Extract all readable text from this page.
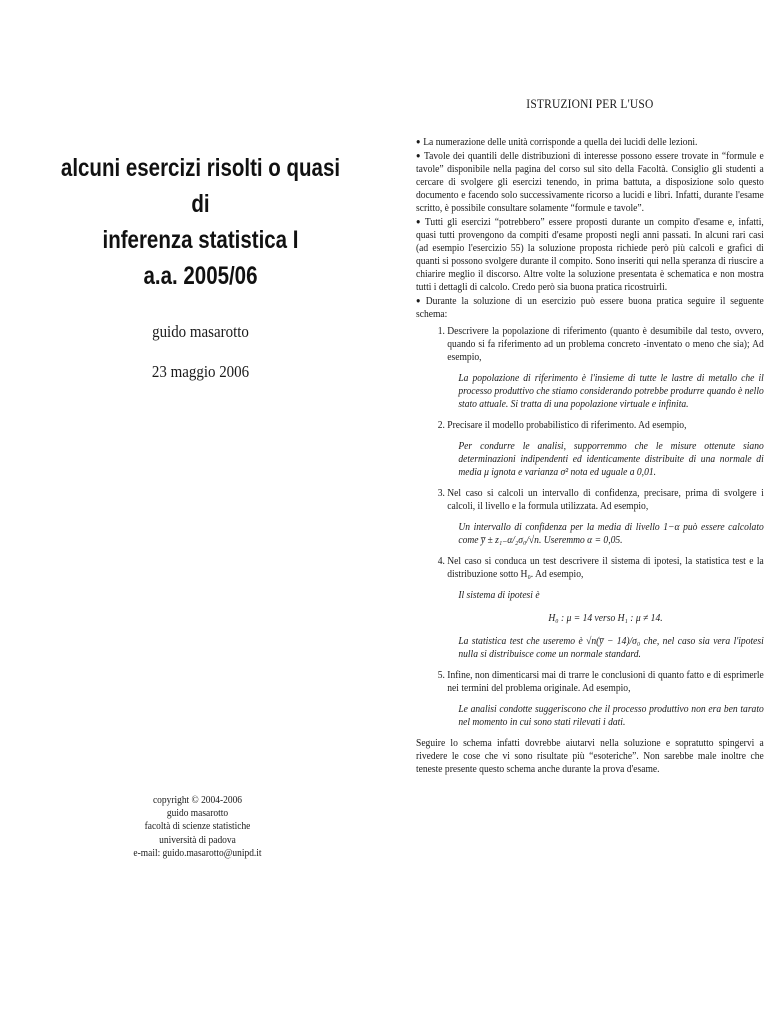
alcuni esercizi risolti o quasi di
inferenza statistica I
a.a. 2005/06
guido masarotto
23 maggio 2006
copyright © 2004-2006
guido masarotto
facoltà di scienze statistiche
università di padova
e-mail: guido.masarotto@unipd.it
ISTRUZIONI PER L'USO
● La numerazione delle unità corrisponde a quella dei lucidi delle lezioni.
● Tavole dei quantili delle distribuzioni di interesse possono essere trovate in “formule e tavole” disponibile nella pagina del corso sul sito della Facoltà. Consiglio gli studenti a cercare di svolgere gli esercizi tenendo, in prima battuta, a disposizione solo questo documento e facendo solo successivamente ricorso a lucidi e libri. Infatti, durante l'esame scritto, è possibile consultare solamente “formule e tavole”.
● Tutti gli esercizi “potrebbero” essere proposti durante un compito d'esame e, infatti, quasi tutti provengono da compiti d'esame proposti negli anni passati. In alcuni rari casi (ad esempio l'esercizio 55) la soluzione proposta richiede però più calcoli e grafici di quanti si possono svolgere durante il compito. Sono inseriti qui nella speranza di riuscire a chiarire meglio il discorso. Altre volte la soluzione presentata è schematica e non mostra tutti i dettagli di calcolo. Credo però sia buona pratica ricostruirli.
● Durante la soluzione di un esercizio può essere buona pratica seguire il seguente schema:
1. Descrivere la popolazione di riferimento (quanto è desumibile dal testo, ovvero, quando si fa riferimento ad un problema concreto -inventato o meno che sia); Ad esempio,
La popolazione di riferimento è l'insieme di tutte le lastre di metallo che il processo produttivo che stiamo considerando potrebbe produrre quando è nello stato attuale. Si tratta di una popolazione virtuale e infinita.
2. Precisare il modello probabilistico di riferimento. Ad esempio,
Per condurre le analisi, supporremmo che le misure ottenute siano determinazioni indipendenti ed identicamente distribuite di una normale di media μ ignota e varianza σ² nota ed uguale a 0,01.
3. Nel caso si calcoli un intervallo di confidenza, precisare, prima di svolgere i calcoli, il livello e la formula utilizzata. Ad esempio,
Un intervallo di confidenza per la media di livello 1−α può essere calcolato come y̅ ± z₁₋α/₂σ₀/√n. Useremmo α = 0,05.
4. Nel caso si conduca un test descrivere il sistema di ipotesi, la statistica test e la distribuzione sotto H₀. Ad esempio,
Il sistema di ipotesi è
H₀ : μ = 14 verso H₁ : μ ≠ 14.
La statistica test che useremo è √n(y̅ − 14)/σ₀ che, nel caso sia vera l'ipotesi nulla si distribuisce come un normale standard.
5. Infine, non dimenticarsi mai di trarre le conclusioni di quanto fatto e di esprimerle nei termini del problema originale. Ad esempio,
Le analisi condotte suggeriscono che il processo produttivo non era ben tarato nel momento in cui sono stati rilevati i dati.
Seguire lo schema infatti dovrebbe aiutarvi nella soluzione e sopratutto spingervi a rivedere le cose che vi sono risultate più “esoteriche”. Non sarebbe male inoltre che teneste presente questo schema anche durante la prova d'esame.
